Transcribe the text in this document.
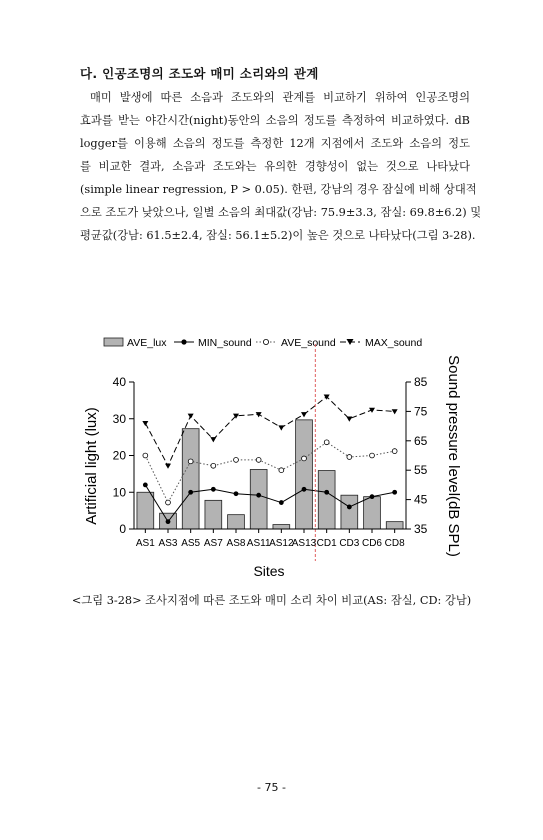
다. 인공조명의 조도와 매미 소리와의 관계
매미 발생에 따른 소음과 조도와의 관계를 비교하기 위하여 인공조명의
효과를 받는 야간시간(night)동안의 소음의 정도를 측정하여 비교하였다. dB
logger를 이용해 소음의 정도를 측정한 12개 지점에서 조도와 소음의 정도
를 비교한 결과, 소음과 조도와는 유의한 경향성이 없는 것으로 나타났다
(simple linear regression, P > 0.05). 한편, 강남의 경우 잠실에 비해 상대적
으로 조도가 낮았으나, 일별 소음의 최대값(강남: 75.9±3.3, 잠실: 69.8±6.2) 및
평균값(강남: 61.5±2.4, 잠실: 56.1±5.2)이 높은 것으로 나타났다(그림 3-28).
AVE_lux	MIN_sound	AVE_sound	MAX_sound
0
10
20
30
40
35
45
55
65
75
85
AS1 AS3 AS5 AS7 AS8 AS11
AS12
AS13 CD1 CD3 CD6 CD8
Artificial light (lux)	Sound pressure level(dB SPL)
Sites
<그림 3-28> 조사지점에 따른 조도와 매미 소리 차이 비교(AS: 잠실, CD: 강남)
- 75 -
